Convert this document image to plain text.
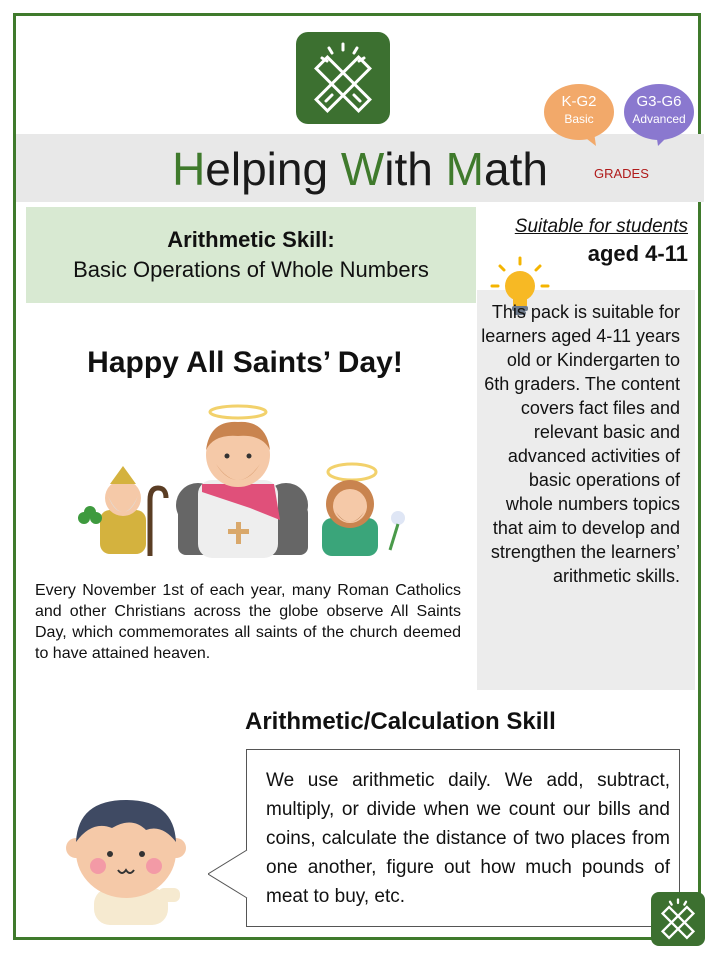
Helping With Math
K-G2
Basic
G3-G6
Advanced
GRADES
Arithmetic Skill:
Basic Operations of Whole Numbers
Suitable for students
aged 4-11
This pack is suitable for learners aged 4-11 years old or Kindergarten to 6th graders. The content covers fact files and relevant basic and advanced activities of basic operations of whole numbers topics that aim to develop and strengthen the learners’ arithmetic skills.
Happy All Saints’ Day!
Every November 1st of each year, many Roman Catholics and other Christians across the globe observe All Saints Day, which commemorates all saints of the church deemed to have attained heaven.
Arithmetic/Calculation Skill
We use arithmetic daily. We add, subtract, multiply, or divide when we count our bills and coins, calculate the distance of two places from one another, figure out how much pounds of meat to buy, etc.
